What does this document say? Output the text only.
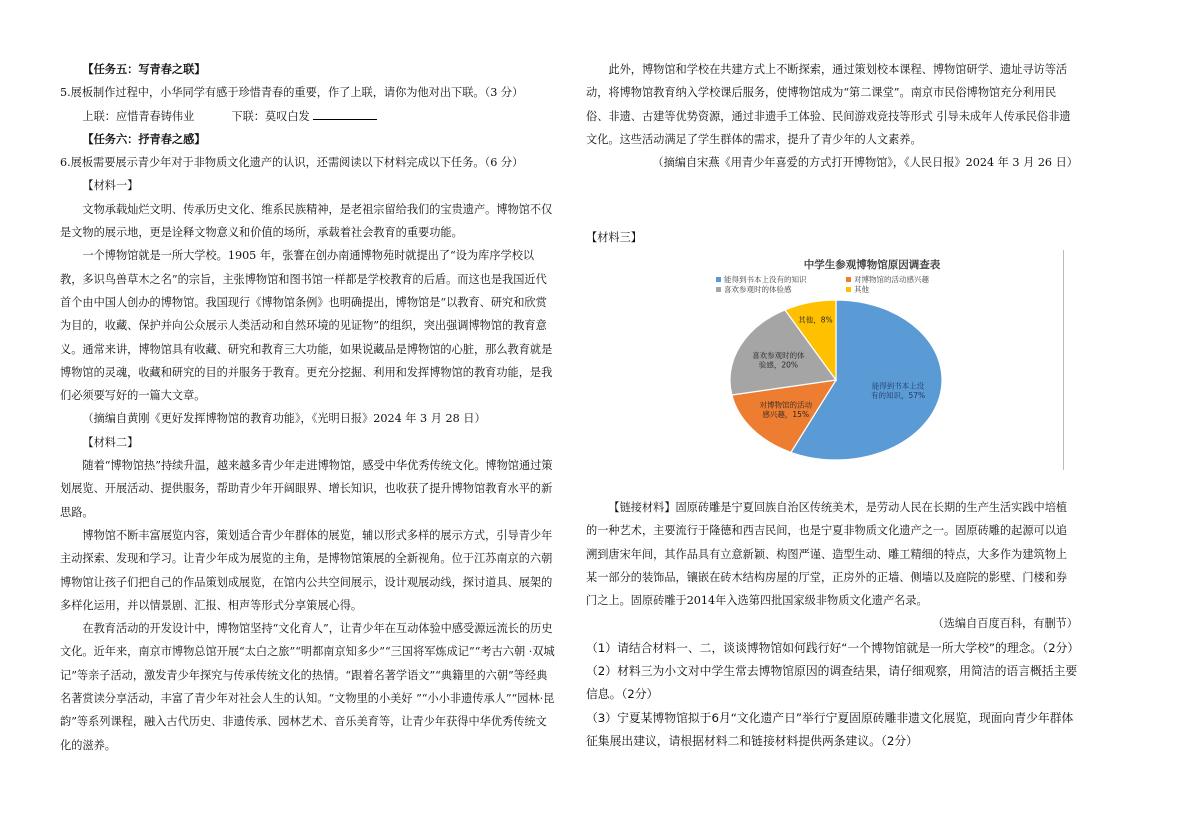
【任务五：写青春之联】

5.展板制作过程中，小华同学有感于珍惜青春的重要，作了上联，请你为他对出下联。（3 分）

上联：应惜青春铸伟业	下联：莫叹白发

【任务六：抒青春之感】

6.展板需要展示青少年对于非物质文化遗产的认识，还需阅读以下材料完成以下任务。（6 分）

【材料一】

文物承载灿烂文明、传承历史文化、维系民族精神，是老祖宗留给我们的宝贵遗产。博物馆不仅是文物的展示地，更是诠释文物意义和价值的场所，承载着社会教育的重要功能。

一个博物馆就是一所大学校。1905 年，张謇在创办南通博物苑时就提出了“设为库序学校以教，多识鸟兽草木之名”的宗旨，主张博物馆和图书馆一样都是学校教育的后盾。而这也是我国近代首个由中国人创办的博物馆。我国现行《博物馆条例》也明确提出，博物馆是“以教育、研究和欣赏为目的，收藏、保护并向公众展示人类活动和自然环境的见证物”的组织，突出强调博物馆的教育意义。通常来讲，博物馆具有收藏、研究和教育三大功能，如果说藏品是博物馆的心脏，那么教育就是博物馆的灵魂，收藏和研究的目的并服务于教育。更充分挖掘、利用和发挥博物馆的教育功能，是我们必须要写好的一篇大文章。

（摘编自黄刚《更好发挥博物馆的教育功能》，《光明日报》2024 年 3 月 28 日）

【材料二】

随着“博物馆热”持续升温，越来越多青少年走进博物馆，感受中华优秀传统文化。博物馆通过策划展览、开展活动、提供服务，帮助青少年开阔眼界、增长知识，也收获了提升博物馆教育水平的新思路。

博物馆不断丰富展览内容，策划适合青少年群体的展览，辅以形式多样的展示方式，引导青少年主动探索、发现和学习。让青少年成为展览的主角，是博物馆策展的全新视角。位于江苏南京的六朝博物馆让孩子们把自己的作品策划成展览，在馆内公共空间展示，设计观展动线，探讨道具、展架的多样化运用，并以情景剧、汇报、相声等形式分享策展心得。

在教育活动的开发设计中，博物馆坚持“文化育人”，让青少年在互动体验中感受源远流长的历史文化。近年来，南京市博物总馆开展“太白之旅”“明都南京知多少”“三国将军炼成记”“考古六朝 ·双城记”等亲子活动，激发青少年探究与传承传统文化的热情。“跟着名著学语文”“典籍里的六朝”等经典名著赏读分享活动，丰富了青少年对社会人生的认知。“文物里的小美好 ”“小小非遗传承人”“园林·昆韵”等系列课程，融入古代历史、非遗传承、园林艺术、音乐美育等，让青少年获得中华优秀传统文化的滋养。

此外，博物馆和学校在共建方式上不断探索，通过策划校本课程、博物馆研学、遗址寻访等活动，将博物馆教育纳入学校课后服务，使博物馆成为“第二课堂”。南京市民俗博物馆充分利用民俗、非遗、古建等优势资源，通过非遗手工体验、民间游戏竞技等形式 引导未成年人传承民俗非遗文化。这些活动满足了学生群体的需求，提升了青少年的人文素养。

（摘编自宋燕《用青少年喜爱的方式打开博物馆》，《人民日报》2024 年 3 月 26 日）

【材料三】

中学生参观博物馆原因调查表
能得到书本上没有的知识	对博物馆的活动感兴趣
喜欢参观时的体验感	其他
能得到书本上没有的知识，57%
对博物馆的活动感兴趣，15%
喜欢参观时的体验感，20%
其他，8%

【链接材料】固原砖雕是宁夏回族自治区传统美术，是劳动人民在长期的生产生活实践中培植的一种艺术，主要流行于隆德和西吉民间，也是宁夏非物质文化遗产之一。固原砖雕的起源可以追溯到唐宋年间，其作品具有立意新颖、构图严谨、造型生动、雕工精细的特点，大多作为建筑物上某一部分的装饰品，镶嵌在砖木结构房屋的厅堂，正房外的正墙、侧墙以及庭院的影壁、门楼和券门之上。固原砖雕于2014年入选第四批国家级非物质文化遗产名录。

（选编自百度百科，有删节）

（1）请结合材料一、二，谈谈博物馆如何践行好“一个博物馆就是一所大学校”的理念。（2分）

（2）材料三为小文对中学生常去博物馆原因的调查结果，请仔细观察，用简洁的语言概括主要信息。（2分）

（3）宁夏某博物馆拟于6月“文化遗产日”举行宁夏固原砖雕非遗文化展览，现面向青少年群体征集展出建议，请根据材料二和链接材料提供两条建议。（2分）
